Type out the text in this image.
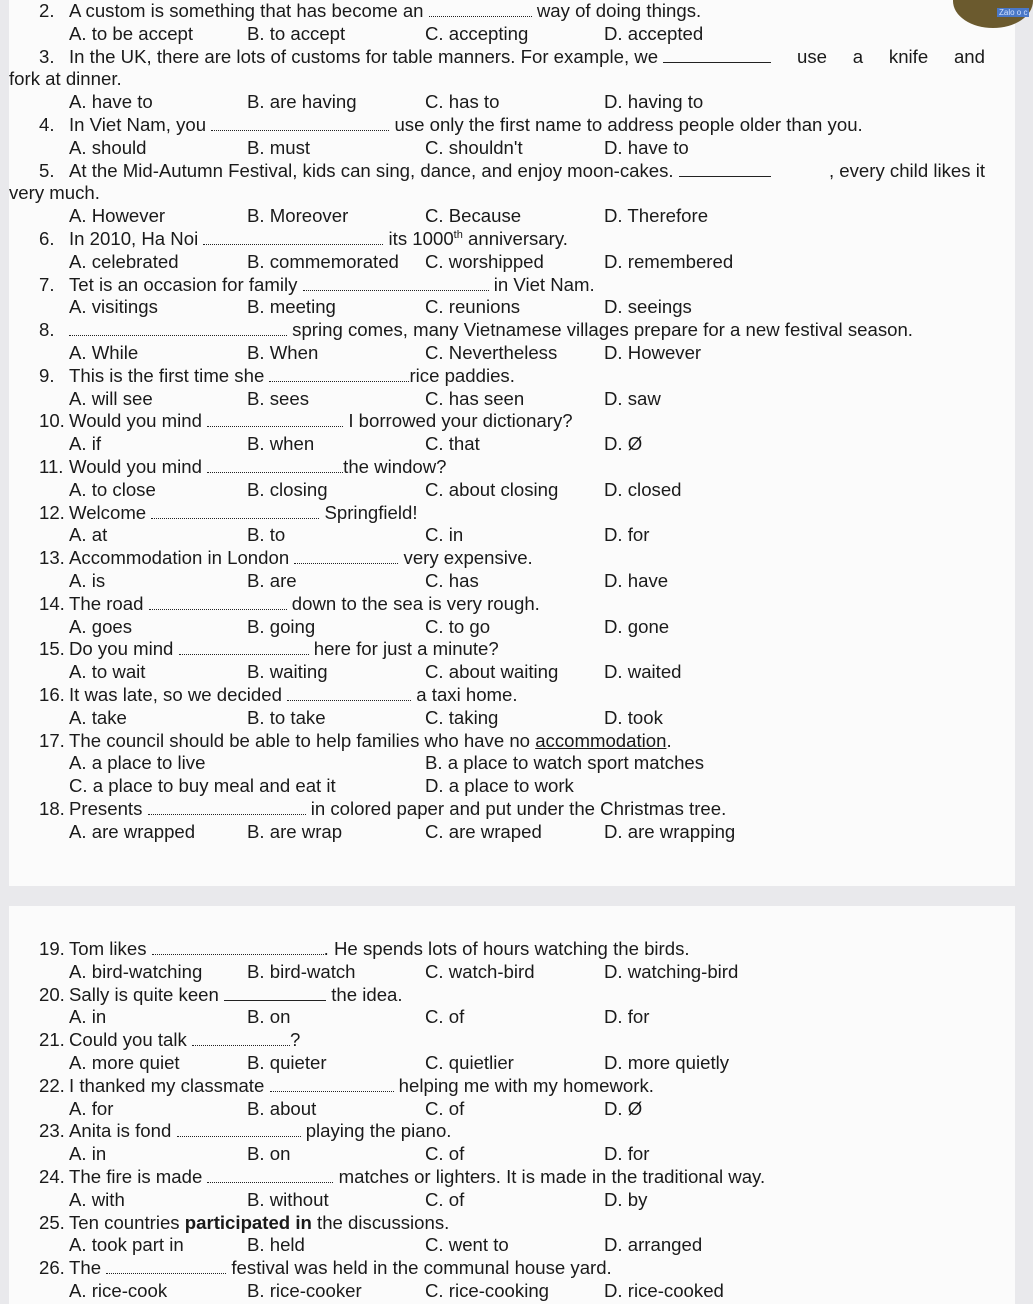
Zalo o c
2. A custom is something that has become an	way of doing things.
A. to be accept	B. to accept	C. accepting	D. accepted
3. In the UK, there are lots of customs for table manners. For example, we	use a knife and
fork at dinner.
A. have to	B. are having	C. has to	D. having to
4. In Viet Nam, you	use only the first name to address people older than you.
A. should	B. must	C. shouldn't	D. have to
5. At the Mid-Autumn Festival, kids can sing, dance, and enjoy moon-cakes.	, every child likes it
very much.
A. However	B. Moreover	C. Because	D. Therefore
6. In 2010, Ha Noi	its 1000th anniversary.
A. celebrated	B. commemorated C. worshipped	D. remembered
7. Tet is an occasion for family	in Viet Nam.
A. visitings	B. meeting	C. reunions	D. seeings
8.	spring comes, many Vietnamese villages prepare for a new festival season.
A. While	B. When	C. Nevertheless	D. However
9. This is the first time she	rice paddies.
A. will see	B. sees	C. has seen	D. saw
10. Would you mind	I borrowed your dictionary?
A. if	B. when	C. that	D. Ø
11. Would you mind	the window?
A. to close	B. closing	C. about closing D. closed
12. Welcome	Springfield!
A. at	B. to	C. in	D. for
13. Accommodation in London	very expensive.
A. is	B. are	C. has	D. have
14. The road	down to the sea is very rough.
A. goes	B. going	C. to go	D. gone
15. Do you mind	here for just a minute?
A. to wait	B. waiting	C. about waiting D. waited
16. It was late, so we decided	a taxi home.
A. take	B. to take	C. taking	D. took
17. The council should be able to help families who have no accommodation.
A. a place to live	B. a place to watch sport matches
C. a place to buy meal and eat it	D. a place to work
18. Presents	in colored paper and put under the Christmas tree.
A. are wrapped	B. are wrap	C. are wraped	D. are wrapping
19. Tom likes	. He spends lots of hours watching the birds.
A. bird-watching B. bird-watch	C. watch-bird	D. watching-bird
20. Sally is quite keen	the idea.
A. in	B. on	C. of	D. for
21. Could you talk	?
A. more quiet	B. quieter	C. quietlier	D. more quietly
22. I thanked my classmate	helping me with my homework.
A. for	B. about	C. of	D. Ø
23. Anita is fond	playing the piano.
A. in	B. on	C. of	D. for
24. The fire is made	matches or lighters. It is made in the traditional way.
A. with	B. without	C. of	D. by
25. Ten countries participated in the discussions.
A. took part in	B. held	C. went to	D. arranged
26. The	festival was held in the communal house yard.
A. rice-cook	B. rice-cooker	C. rice-cooking	D. rice-cooked
